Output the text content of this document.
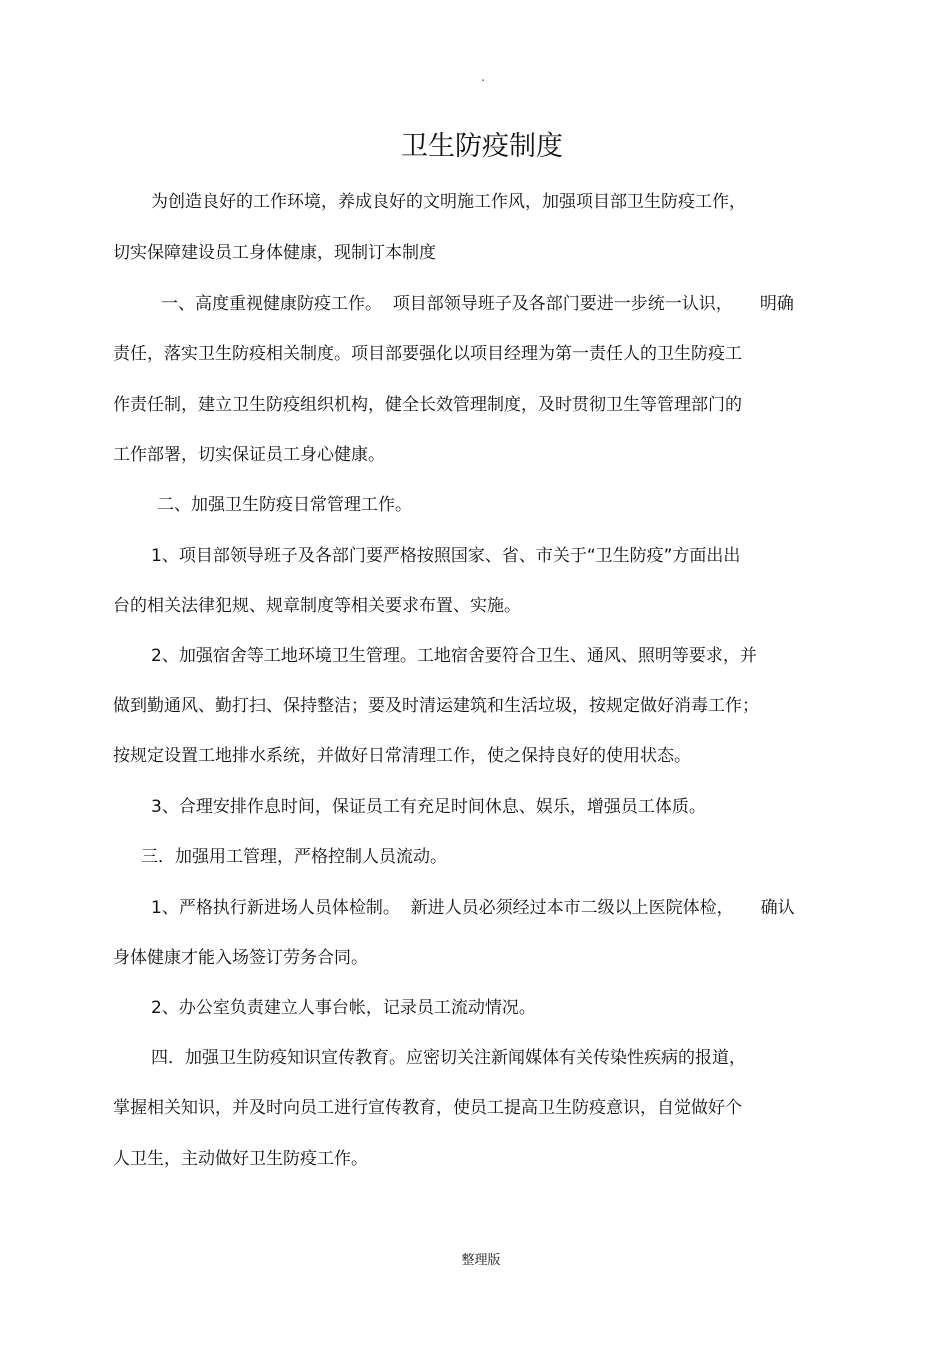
.
卫生防疫制度
为创造良好的工作环境，养成良好的文明施工作风，加强项目部卫生防疫工作，
切实保障建设员工身体健康，现制订本制度
一、高度重视健康防疫工作。  项目部领导班子及各部门要进一步统一认识，     明确
责任，落实卫生防疫相关制度。项目部要强化以项目经理为第一责任人的卫生防疫工
作责任制，建立卫生防疫组织机构，健全长效管理制度，及时贯彻卫生等管理部门的
工作部署，切实保证员工身心健康。
二、加强卫生防疫日常管理工作。
1、项目部领导班子及各部门要严格按照国家、省、市关于“卫生防疫”方面出出
台的相关法律犯规、规章制度等相关要求布置、实施。
2、加强宿舍等工地环境卫生管理。工地宿舍要符合卫生、通风、照明等要求，并
做到勤通风、勤打扫、保持整洁；要及时清运建筑和生活垃圾，按规定做好消毒工作；
按规定设置工地排水系统，并做好日常清理工作，使之保持良好的使用状态。
3、合理安排作息时间，保证员工有充足时间休息、娱乐，增强员工体质。
三．加强用工管理，严格控制人员流动。
1、严格执行新进场人员体检制。  新进人员必须经过本市二级以上医院体检，     确认
身体健康才能入场签订劳务合同。
2、办公室负责建立人事台帐，记录员工流动情况。
四．加强卫生防疫知识宣传教育。应密切关注新闻媒体有关传染性疾病的报道，
掌握相关知识，并及时向员工进行宣传教育，使员工提高卫生防疫意识，自觉做好个
人卫生，主动做好卫生防疫工作。
整理版
